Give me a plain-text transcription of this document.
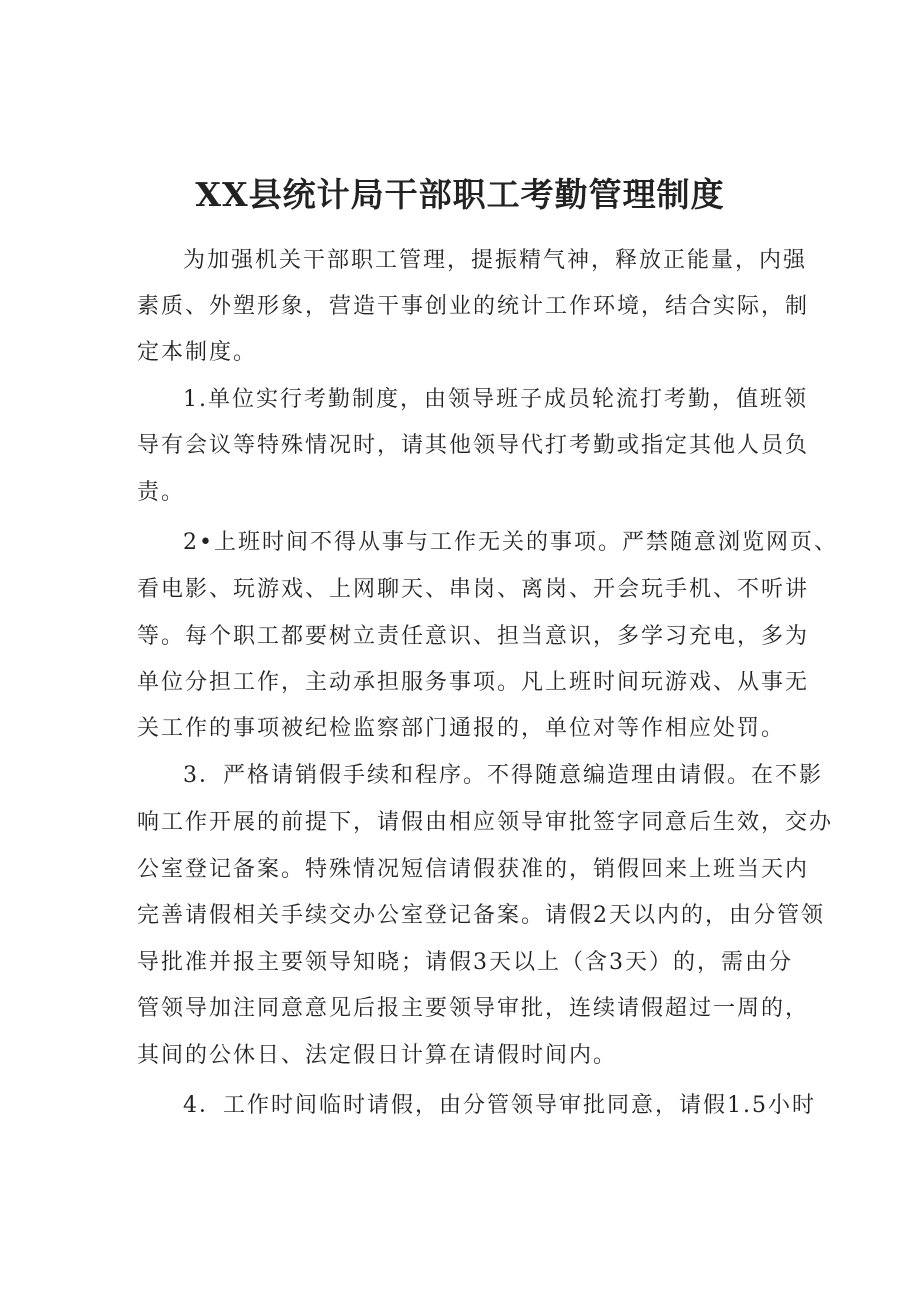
XX县统计局干部职工考勤管理制度

为加强机关干部职工管理，提振精气神，释放正能量，内强

素质、外塑形象，营造干事创业的统计工作环境，结合实际，制

定本制度。

1.单位实行考勤制度，由领导班子成员轮流打考勤，值班领

导有会议等特殊情况时，请其他领导代打考勤或指定其他人员负

责。

2•上班时间不得从事与工作无关的事项。严禁随意浏览网页、

看电影、玩游戏、上网聊天、串岗、离岗、开会玩手机、不听讲

等。每个职工都要树立责任意识、担当意识，多学习充电，多为

单位分担工作，主动承担服务事项。凡上班时间玩游戏、从事无

关工作的事项被纪检监察部门通报的，单位对等作相应处罚。

3．严格请销假手续和程序。不得随意编造理由请假。在不影

响工作开展的前提下，请假由相应领导审批签字同意后生效，交办

公室登记备案。特殊情况短信请假获准的，销假回来上班当天内

完善请假相关手续交办公室登记备案。请假2天以内的，由分管领

导批准并报主要领导知晓；请假3天以上（含3天）的，需由分

管领导加注同意意见后报主要领导审批，连续请假超过一周的，

其间的公休日、法定假日计算在请假时间内。

4．工作时间临时请假，由分管领导审批同意，请假1.5小时
